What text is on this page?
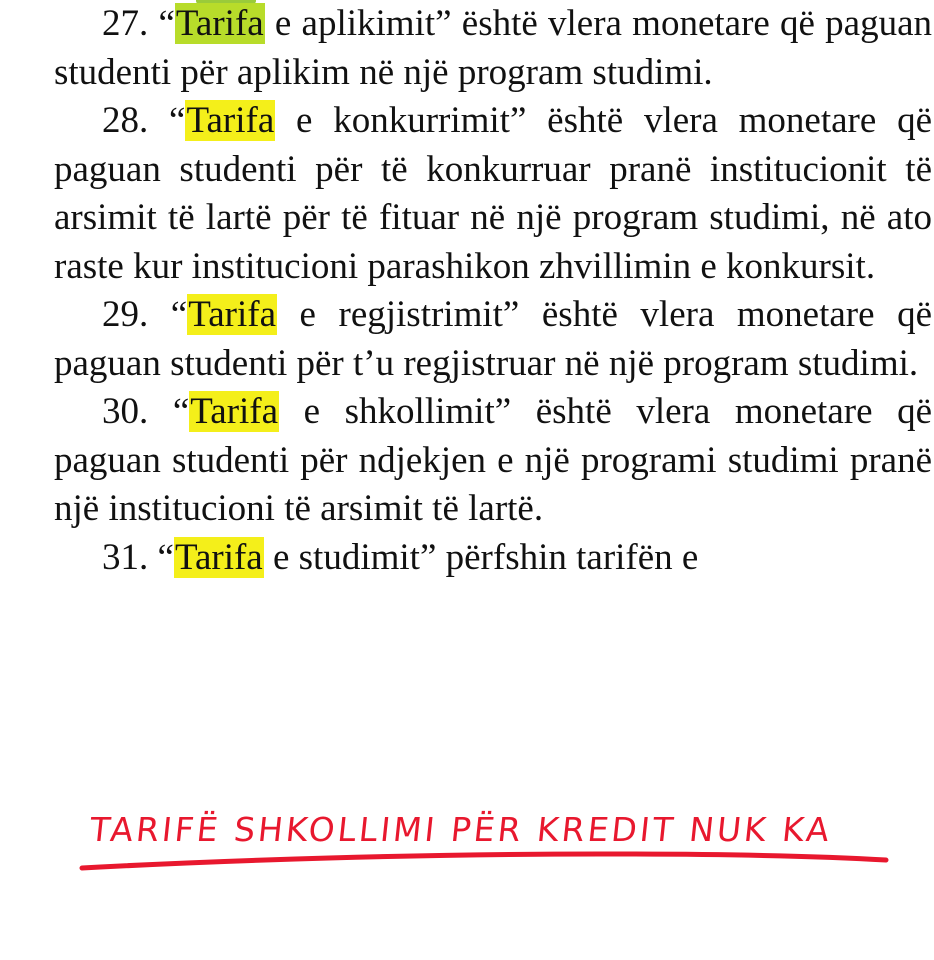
27. “Tarifa e aplikimit” është vlera monetare që paguan studenti për aplikim në një program studimi.

28. “Tarifa e konkurrimit” është vlera monetare që paguan studenti për të konkurruar pranë institucionit të arsimit të lartë për të fituar në një program studimi, në ato raste kur institucioni parashikon zhvillimin e konkursit.

29. “Tarifa e regjistrimit” është vlera monetare që paguan studenti për t’u regjistruar në një program studimi.

30. “Tarifa e shkollimit” është vlera monetare që paguan studenti për ndjekjen e një programi studimi pranë një institucioni të arsimit të lartë.

31. “Tarifa e studimit” përfshin tarifën e

TARIFË SHKOLLIMI PËR KREDIT NUK KA
